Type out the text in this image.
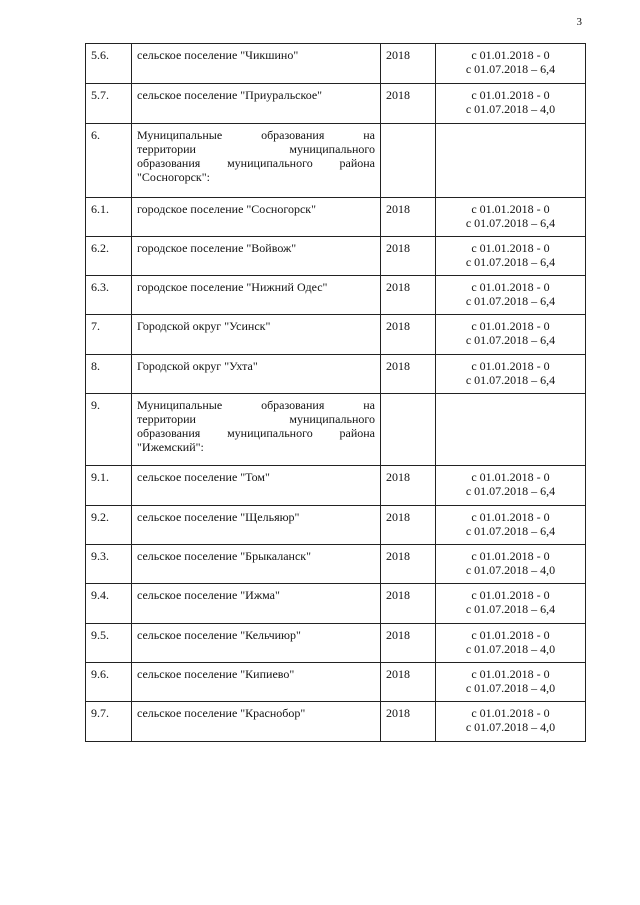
3
5.6.	сельское поселение "Чикшино"	2018	с 01.01.2018 - 0
с 01.07.2018 – 6,4

5.7.	сельское поселение "Приуральское"	2018	с 01.01.2018 - 0
с 01.07.2018 – 4,0

6.	Муниципальные образования на
территории муниципального
образования муниципального района
"Сосногорск":		

6.1.	городское поселение "Сосногорск"	2018	с 01.01.2018 - 0
с 01.07.2018 – 6,4

6.2.	городское поселение "Войвож"	2018	с 01.01.2018 - 0
с 01.07.2018 – 6,4

6.3.	городское поселение "Нижний Одес"	2018	с 01.01.2018 - 0
с 01.07.2018 – 6,4

7.	Городской округ "Усинск"	2018	с 01.01.2018 - 0
с 01.07.2018 – 6,4

8.	Городской округ "Ухта"	2018	с 01.01.2018 - 0
с 01.07.2018 – 6,4

9.	Муниципальные образования на
территории муниципального
образования муниципального района
"Ижемский":		

9.1.	сельское поселение "Том"	2018	с 01.01.2018 - 0
с 01.07.2018 – 6,4

9.2.	сельское поселение "Щельяюр"	2018	с 01.01.2018 - 0
с 01.07.2018 – 6,4

9.3.	сельское поселение "Брыкаланск"	2018	с 01.01.2018 - 0
с 01.07.2018 – 4,0

9.4.	сельское поселение "Ижма"	2018	с 01.01.2018 - 0
с 01.07.2018 – 6,4

9.5.	сельское поселение "Кельчиюр"	2018	с 01.01.2018 - 0
с 01.07.2018 – 4,0

9.6.	сельское поселение "Кипиево"	2018	с 01.01.2018 - 0
с 01.07.2018 – 4,0

9.7.	сельское поселение "Краснобор"	2018	с 01.01.2018 - 0
с 01.07.2018 – 4,0
